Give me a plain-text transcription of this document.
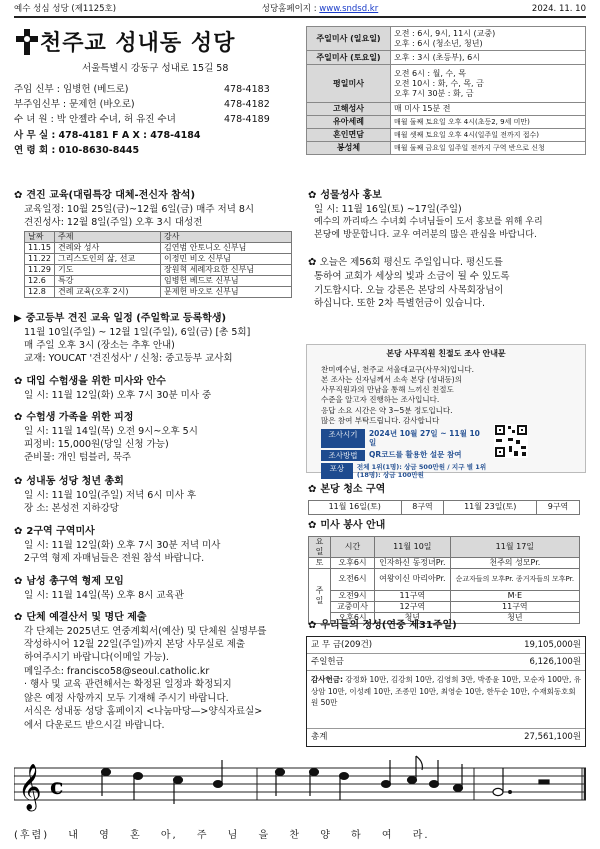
예수 성심 성당 (제1125호)	성당홈페이지 : www.sndsd.kr	2024. 11. 10
천주교 성내동 성당
서울특별시 강동구 성내로 15길 58
주임 신부 : 임병헌 (베드로)	478-4183
부주임신부 : 문제헌 (바오로)	478-4182
수 녀 원 : 박 안젤라 수녀, 허 유진 수녀	478-4189
사 무 실 : 478-4181 F A X : 478-4184
연 령 회 : 010-8630-8445
주일미사 (일요일)	오전 : 6시, 9시, 11시 (교중)
오후 : 6시 (청소년, 청년)
주일미사 (토요일)	오후 : 3시 (초등부), 6시
평일미사	오전 6시 : 월, 수, 목
오전 10시 : 화, 수, 목, 금
오후 7시 30분 : 화, 금
고해성사	매 미사 15분 전
유아세례	매월 둘째 토요일 오후 4시(초등2, 9세 미만)
혼인면담	매월 셋째 토요일 오후 4시(일주일 전까지 접수)
봉성체	매월 둘째 금요일 일주일 전까지 구역 반으로 신청
✿ 견진 교육(대림특강 대체-전신자 참석)

교육일정: 10월 25일(금)~12월 6일(금) 매주 저녁 8시

견진성사: 12월 8일(주일) 오후 3시 대성전

날짜	주제	강사
11.15	견례와 성사	김연범 안토니오 신부님
11.22	그리스도인의 삶, 선교	이정민 비오 신부님
11.29	기도	장원혁 세례자요한 신부님
12.6	특강	임병헌 베드로 신부님
12.8	견례 교육(오후 2시)	문제헌 바오로 신부님
▶ 중고등부 견진 교육 일정 (주일학교 등록학생)

11월 10일(주일) ~ 12월 1일(주일), 6일(금) [총 5회]

매 주일 오후 3시 (장소는 추후 안내)

교재: YOUCAT '견진성사' / 신청: 중고등부 교사회

✿ 대입 수험생을 위한 미사와 안수

일 시: 11월 12일(화) 오후 7시 30분 미사 중

✿ 수험생 가족을 위한 피정

일 시: 11월 14일(목) 오전 9시~오후 5시

피정비: 15,000원(당일 신청 가능)

준비물: 개인 텀블러, 묵주

✿ 성내동 성당 청년 총회

일 시: 11월 10일(주일) 저녁 6시 미사 후

장 소: 본성전 지하강당

✿ 2구역 구역미사

일 시: 11월 12일(화) 오후 7시 30분 저녁 미사

2구역 형제 자매님들은 전원 참석 바랍니다.

✿ 남성 총구역 형제 모임

일 시: 11월 14일(목) 오후 8시 교육관

✿ 단체 예결산서 및 명단 제출

각 단체는 2025년도 연중계획서(예산) 및 단체원 실명부를

작성하시어 12월 22일(주일)까지 본당 사무실로 제출

하여주시기 바랍니다(이메일 가능).

메일주소: francisco58@seoul.catholic.kr

· 행사 및 교육 관련해서는 확정된 일정과 확정되지

않은 예정 사항까지 모두 기재해 주시기 바랍니다.

서식은 성내동 성당 홈페이지 <나눔마당—>양식자료실>

에서 다운로드 받으시길 바랍니다.

✿ 성물성사 홍보

일 시: 11월 16일(토) ~17일(주일)

예수의 까리따스 수녀회 수녀님들이 도서 홍보를 위해 우리

본당에 방문합니다. 교우 여러분의 많은 관심을 바랍니다.

✿ 오늘은 제56회 평신도 주일입니다. 평신도를

통하여 교회가 세상의 빛과 소금이 될 수 있도록

기도합시다. 오늘 강론은 본당의 사목회장님이

하십니다. 또한 2차 특별헌금이 있습니다.

본당 사무직원 친절도 조사 안내문
찬미예수님, 천주교 서울대교구(사무처)입니다.
본 조사는 신자님께서 소속 본당 (성내동)의
사무직원과의 만남을 통해 느끼신 친절도
수준을 알고자 진행하는 조사입니다.
응답 소요 시간은 약 3~5분 정도입니다.
많은 참여 부탁드립니다. 감사합니다
조사시기	2024년 10월 27일 ~ 11월 10일
조사방법	QR코드를 활용한 설문 참여
포상	전체 1위(1명): 상금 500만원 / 지구 별 1위(18명): 상금 100만원
✿ 본당 청소 구역
11월 16일(토)	8구역	11월 23일(토)	9구역
✿ 미사 봉사 안내
요일	시간	11월 10일	11월 17일
토	오후6시	인자하신 동정녀Pr.	천주의 성모Pr.
주일	오전6시	여왕이신 마리아Pr.	순교자들의 모후Pr. 종거자들의 모후Pr.
	오전9시	11구역	M·E
	교중미사	12구역	11구역
	오후6시	청년	청년
✿ 우리들의 정성(연중 제31주일)
교 무 금(209건)	19,105,000원
주일헌금	6,126,100원
감사헌금: 강정화 10만, 김강희 10만, 김영희 3만, 박종윤 10만, 모순자 100만, 유상암 10만, 이성례 10만, 조종민 10만, 최영순 10만, 한두순 10만, 수재회동호회원 50만
총계	27,561,100원
𝄞 c
(후렴) 내 영 혼 아, 주 님 을 찬 양 하 여 라.
